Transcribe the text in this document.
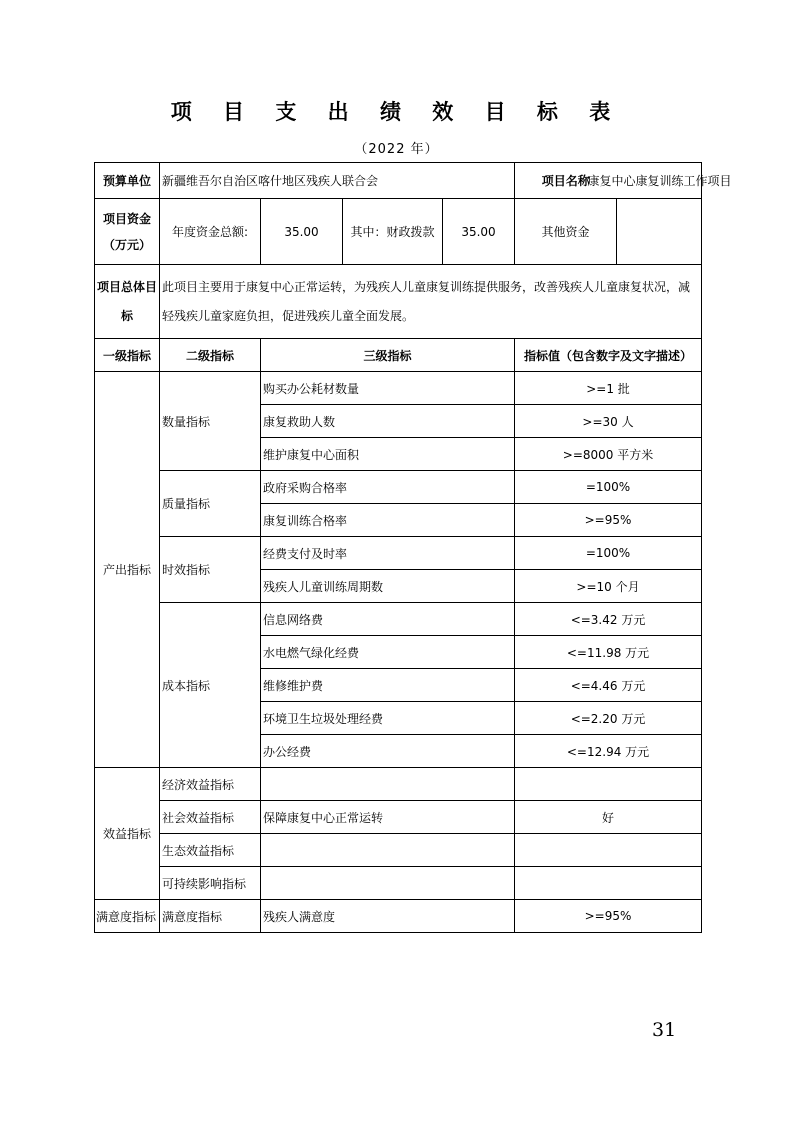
项 目 支 出 绩 效 目 标 表
（2022 年）
预算单位	新疆维吾尔自治区喀什地区残疾人联合会				项目名称	康复中心康复训练工作项目

项目资金
（万元）	年度资金总额:	35.00	其中：财政拨款	35.00	其他资金	
项目总体目标	此项目主要用于康复中心正常运转，为残疾人儿童康复训练提供服务，改善残疾人儿童康复状况，减轻残疾儿童家庭负担，促进残疾儿童全面发展。					
一级指标	二级指标	三级指标			指标值（包含数字及文字描述）	
产出指标	数量指标	购买办公耗材数量			>=1 批	
		康复救助人数			>=30 人	
		维护康复中心面积			>=8000 平方米	
	质量指标	政府采购合格率			=100%	
		康复训练合格率			>=95%	
	时效指标	经费支付及时率			=100%	
		残疾人儿童训练周期数			>=10 个月	
	成本指标	信息网络费			<=3.42 万元	
		水电燃气绿化经费			<=11.98 万元	
		维修维护费			<=4.46 万元	
		环境卫生垃圾处理经费			<=2.20 万元	
		办公经费			<=12.94 万元	
效益指标	经济效益指标					
	社会效益指标	保障康复中心正常运转			好	
	生态效益指标					
	可持续影响指标					
满意度指标	满意度指标	残疾人满意度			>=95%	
31
